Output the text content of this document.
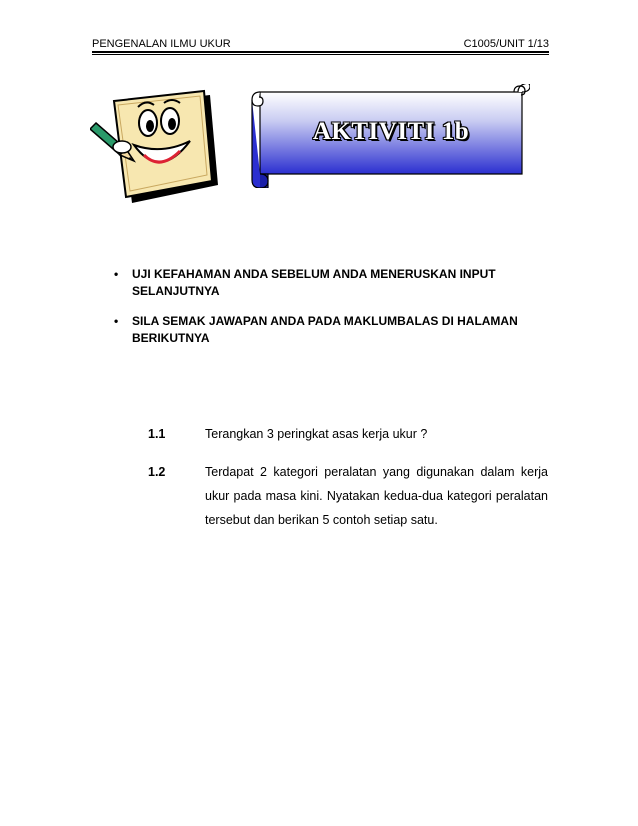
PENGENALAN ILMU UKUR	C1005/UNIT 1/13
AKTIVITI 1b
• UJI KEFAHAMAN ANDA SEBELUM ANDA MENERUSKAN INPUT SELANJUTNYA
• SILA SEMAK JAWAPAN ANDA PADA MAKLUMBALAS DI HALAMAN BERIKUTNYA
1.1	Terangkan 3 peringkat asas kerja ukur ?
1.2	Terdapat 2 kategori peralatan yang digunakan dalam kerja ukur pada masa kini. Nyatakan kedua-dua kategori peralatan tersebut dan berikan 5 contoh setiap satu.
